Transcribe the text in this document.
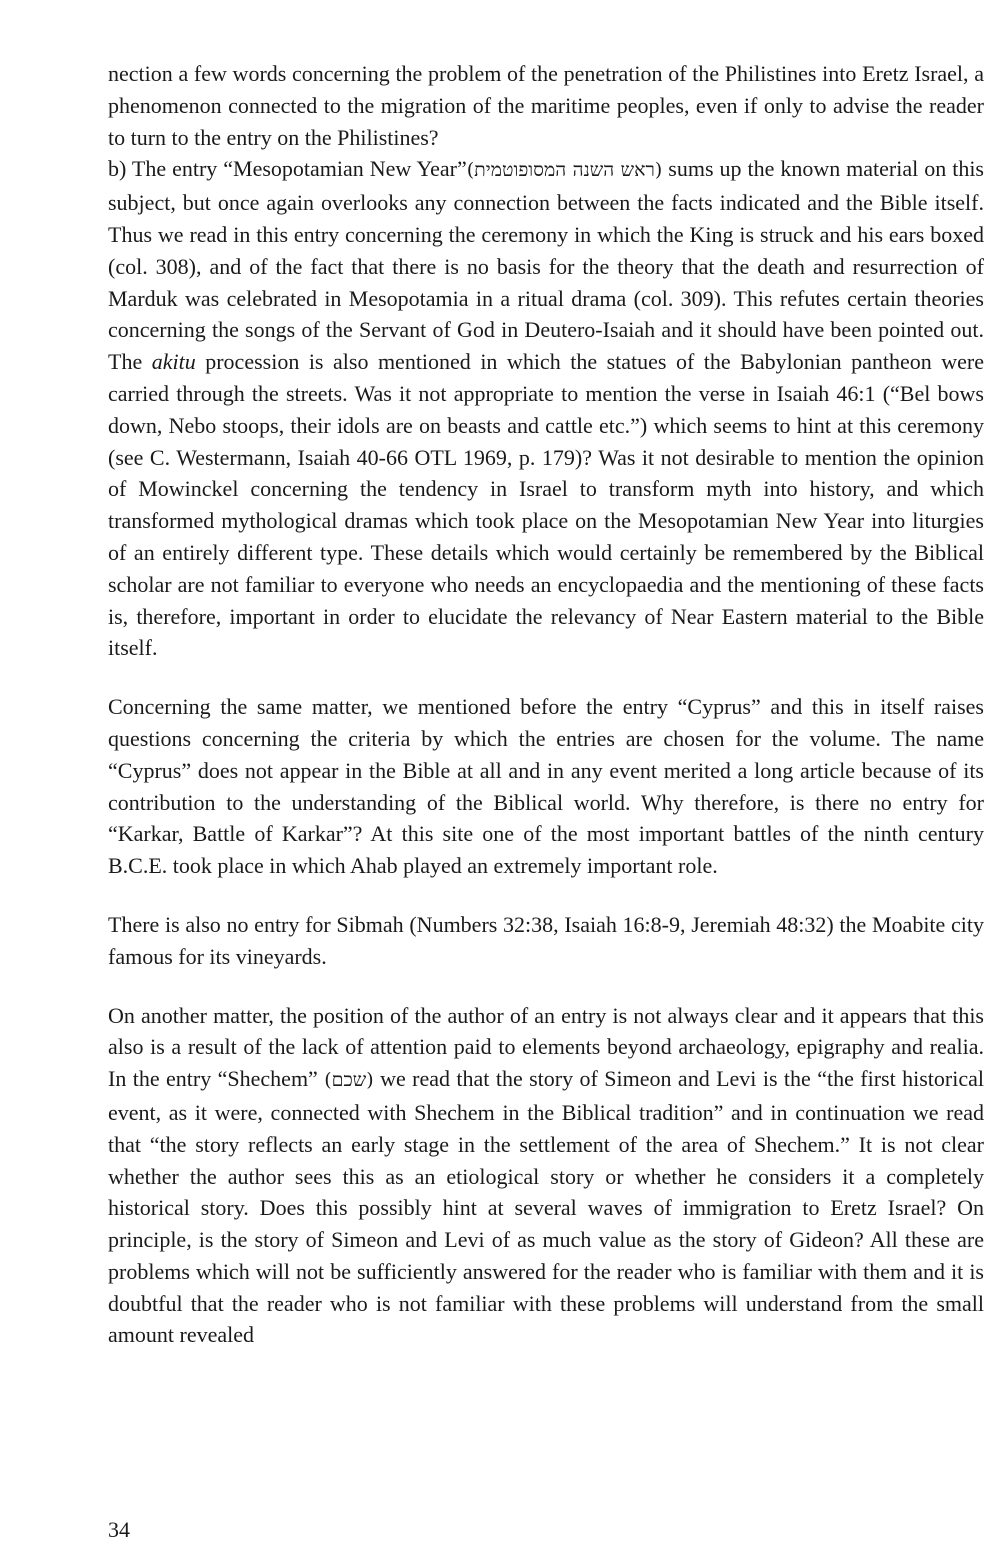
nection a few words concerning the problem of the penetration of the Philistines into Eretz Israel, a phenomenon connected to the migration of the maritime peoples, even if only to advise the reader to turn to the entry on the Philistines?

b) The entry “Mesopotamian New Year”(ראש השנה המסופוטמית) sums up the known material on this subject, but once again overlooks any connection between the facts indicated and the Bible itself. Thus we read in this entry concerning the ceremony in which the King is struck and his ears boxed (col. 308), and of the fact that there is no basis for the theory that the death and resurrection of Marduk was celebrated in Mesopotamia in a ritual drama (col. 309). This refutes certain theories concerning the songs of the Servant of God in Deutero-Isaiah and it should have been pointed out. The akitu procession is also mentioned in which the statues of the Babylonian pantheon were carried through the streets. Was it not appropriate to mention the verse in Isaiah 46:1 (“Bel bows down, Nebo stoops, their idols are on beasts and cattle etc.”) which seems to hint at this ceremony (see C. Westermann, Isaiah 40-66 OTL 1969, p. 179)? Was it not desirable to mention the opinion of Mowinckel concerning the tendency in Israel to transform myth into history, and which transformed mythological dramas which took place on the Mesopotamian New Year into liturgies of an entirely different type. These details which would certainly be remembered by the Biblical scholar are not familiar to everyone who needs an encyclopaedia and the mentioning of these facts is, therefore, important in order to elucidate the relevancy of Near Eastern material to the Bible itself.

Concerning the same matter, we mentioned before the entry “Cyprus” and this in itself raises questions concerning the criteria by which the entries are chosen for the volume. The name “Cyprus” does not appear in the Bible at all and in any event merited a long article because of its contribution to the understanding of the Biblical world. Why therefore, is there no entry for “Karkar, Battle of Karkar”? At this site one of the most important battles of the ninth century B.C.E. took place in which Ahab played an extremely important role.

There is also no entry for Sibmah (Numbers 32:38, Isaiah 16:8-9, Jeremiah 48:32) the Moabite city famous for its vineyards.

On another matter, the position of the author of an entry is not always clear and it appears that this also is a result of the lack of attention paid to elements beyond archaeology, epigraphy and realia. In the entry “Shechem” (שכם) we read that the story of Simeon and Levi is the “the first historical event, as it were, connected with Shechem in the Biblical tradition” and in continuation we read that “the story reflects an early stage in the settlement of the area of Shechem.” It is not clear whether the author sees this as an etiological story or whether he considers it a completely historical story. Does this possibly hint at several waves of immigration to Eretz Israel? On principle, is the story of Simeon and Levi of as much value as the story of Gideon? All these are problems which will not be sufficiently answered for the reader who is familiar with them and it is doubtful that the reader who is not familiar with these problems will understand from the small amount revealed

34
